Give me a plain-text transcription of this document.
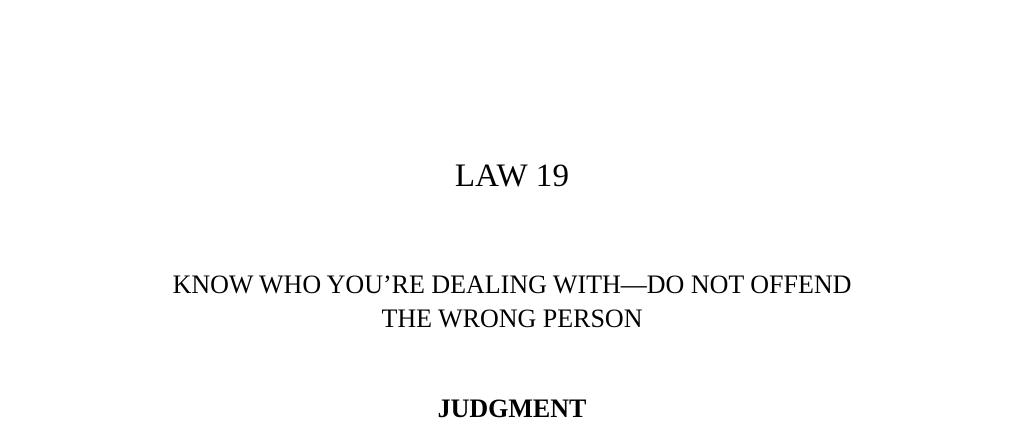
LAW 19
KNOW WHO YOU’RE DEALING WITH—DO NOT OFFEND
THE WRONG PERSON
JUDGMENT
